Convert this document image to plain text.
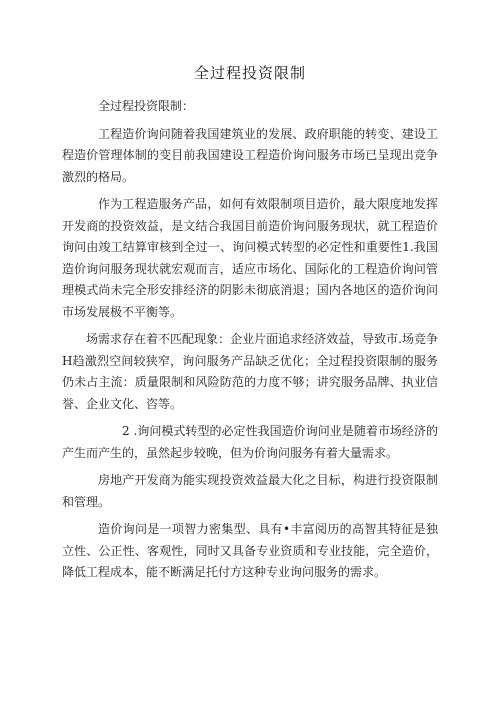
全过程投资限制

全过程投资限制：

工程造价询问随着我国建筑业的发展、政府职能的转变、建设工程造价管理体制的变目前我国建设工程造价询问服务市场已呈现出竞争激烈的格局。

作为工程造服务产品，如何有效限制项目造价，最大限度地发挥开发商的投资效益，是文结合我国目前造价询问服务现状，就工程造价询问由竣工结算审核到全过一、询问模式转型的必定性和重要性1.我国造价询问服务现状就宏观而言，适应市场化、国际化的工程造价询问管理模式尚未完全形安排经济的阴影未彻底消退；国内各地区的造价询问市场发展极不平衡等。

场需求存在着不匹配现象：企业片面追求经济效益，导致市.场竞争H趋激烈空间较狭窄，询问服务产品缺乏优化；全过程投资限制的服务仍未占主流：质量限制和风险防范的力度不够；讲究服务品牌、执业信誉、企业文化、咨等。

2 .询问模式转型的必定性我国造价询问业是随着市场经济的产生而产生的，虽然起步较晚，但为价询问服务有着大量需求。

房地产开发商为能实现投资效益最大化之目标，构进行投资限制和管理。

造价询问是一项智力密集型、具有•丰富阅历的高智其特征是独立性、公正性、客观性，同时又具备专业资质和专业技能，完全造价，降低工程成本，能不断满足托付方这种专业询问服务的需求。
